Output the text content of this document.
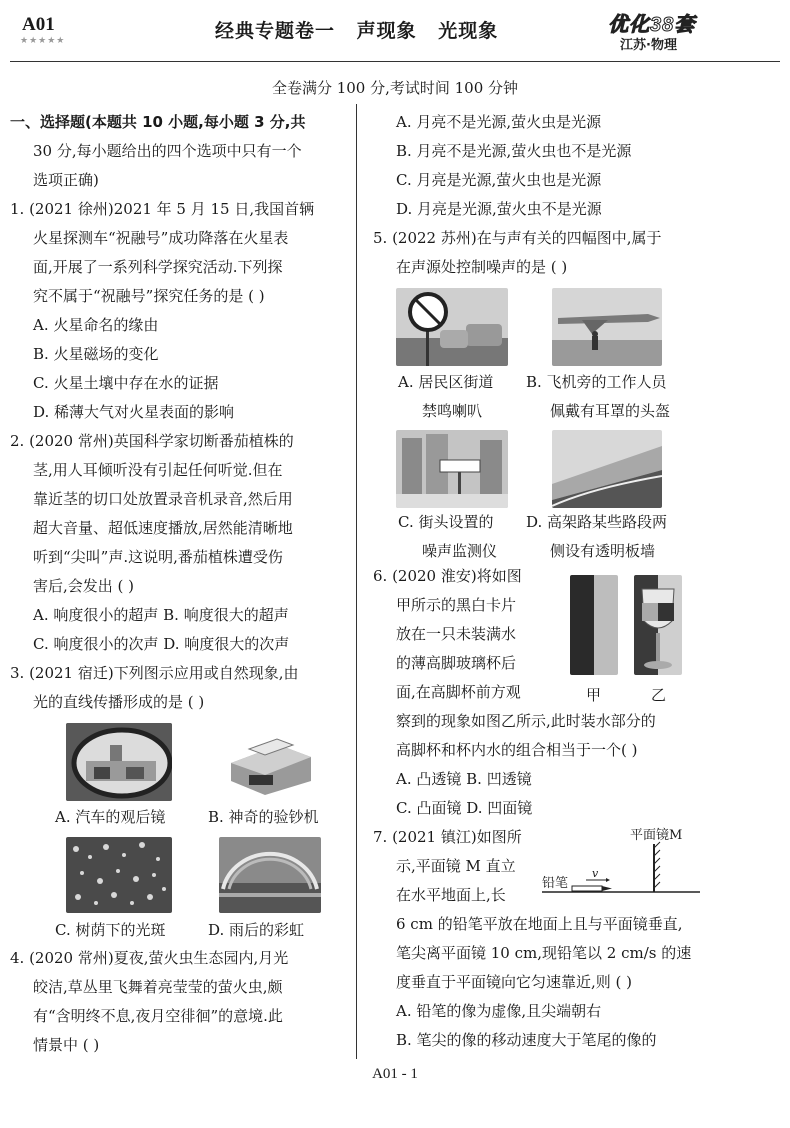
A01
★★★★★	经典专题卷一 声现象 光现象	优化38套
江苏·物理
全卷满分 100 分,考试时间 100 分钟

一、选择题(本题共 10 小题,每小题 3 分,共

30 分,每小题给出的四个选项中只有一个

选项正确)

1. (2021 徐州)2021 年 5 月 15 日,我国首辆

火星探测车“祝融号”成功降落在火星表

面,开展了一系列科学探究活动.下列探

究不属于“祝融号”探究任务的是 ( )

A. 火星命名的缘由

B. 火星磁场的变化

C. 火星土壤中存在水的证据

D. 稀薄大气对火星表面的影响

2. (2020 常州)英国科学家切断番茄植株的

茎,用人耳倾听没有引起任何听觉.但在

靠近茎的切口处放置录音机录音,然后用

超大音量、超低速度播放,居然能清晰地

听到“尖叫”声.这说明,番茄植株遭受伤

害后,会发出 ( )

A. 响度很小的超声 B. 响度很大的超声

C. 响度很小的次声 D. 响度很大的次声

3. (2021 宿迁)下列图示应用或自然现象,由

光的直线传播形成的是 ( )

A. 汽车的观后镜	B. 神奇的验钞机
C. 树荫下的光斑	D. 雨后的彩虹

4. (2020 常州)夏夜,萤火虫生态园内,月光

皎洁,草丛里飞舞着亮莹莹的萤火虫,颇

有“含明终不息,夜月空徘徊”的意境.此

情景中 ( )

A. 月亮不是光源,萤火虫是光源

B. 月亮不是光源,萤火虫也不是光源

C. 月亮是光源,萤火虫也是光源

D. 月亮是光源,萤火虫不是光源

5. (2022 苏州)在与声有关的四幅图中,属于

在声源处控制噪声的是 ( )

A. 居民区街道
禁鸣喇叭
B. 飞机旁的工作人员
佩戴有耳罩的头盔
C. 街头设置的
噪声监测仪
D. 高架路某些路段两
侧设有透明板墙

6. (2020 淮安)将如图

甲所示的黑白卡片

放在一只未装满水

的薄高脚玻璃杯后

面,在高脚杯前方观	甲	乙

察到的现象如图乙所示,此时装水部分的

高脚杯和杯内水的组合相当于一个( )

A. 凸透镜 B. 凹透镜

C. 凸面镜 D. 凹面镜

7. (2021 镇江)如图所

示,平面镜 M 直立

在水平地面上,长

平面镜M
铅笔
v

6 cm 的铅笔平放在地面上且与平面镜垂直,

笔尖离平面镜 10 cm,现铅笔以 2 cm/s 的速

度垂直于平面镜向它匀速靠近,则 ( )

A. 铅笔的像为虚像,且尖端朝右

B. 笔尖的像的移动速度大于笔尾的像的

A01 - 1
